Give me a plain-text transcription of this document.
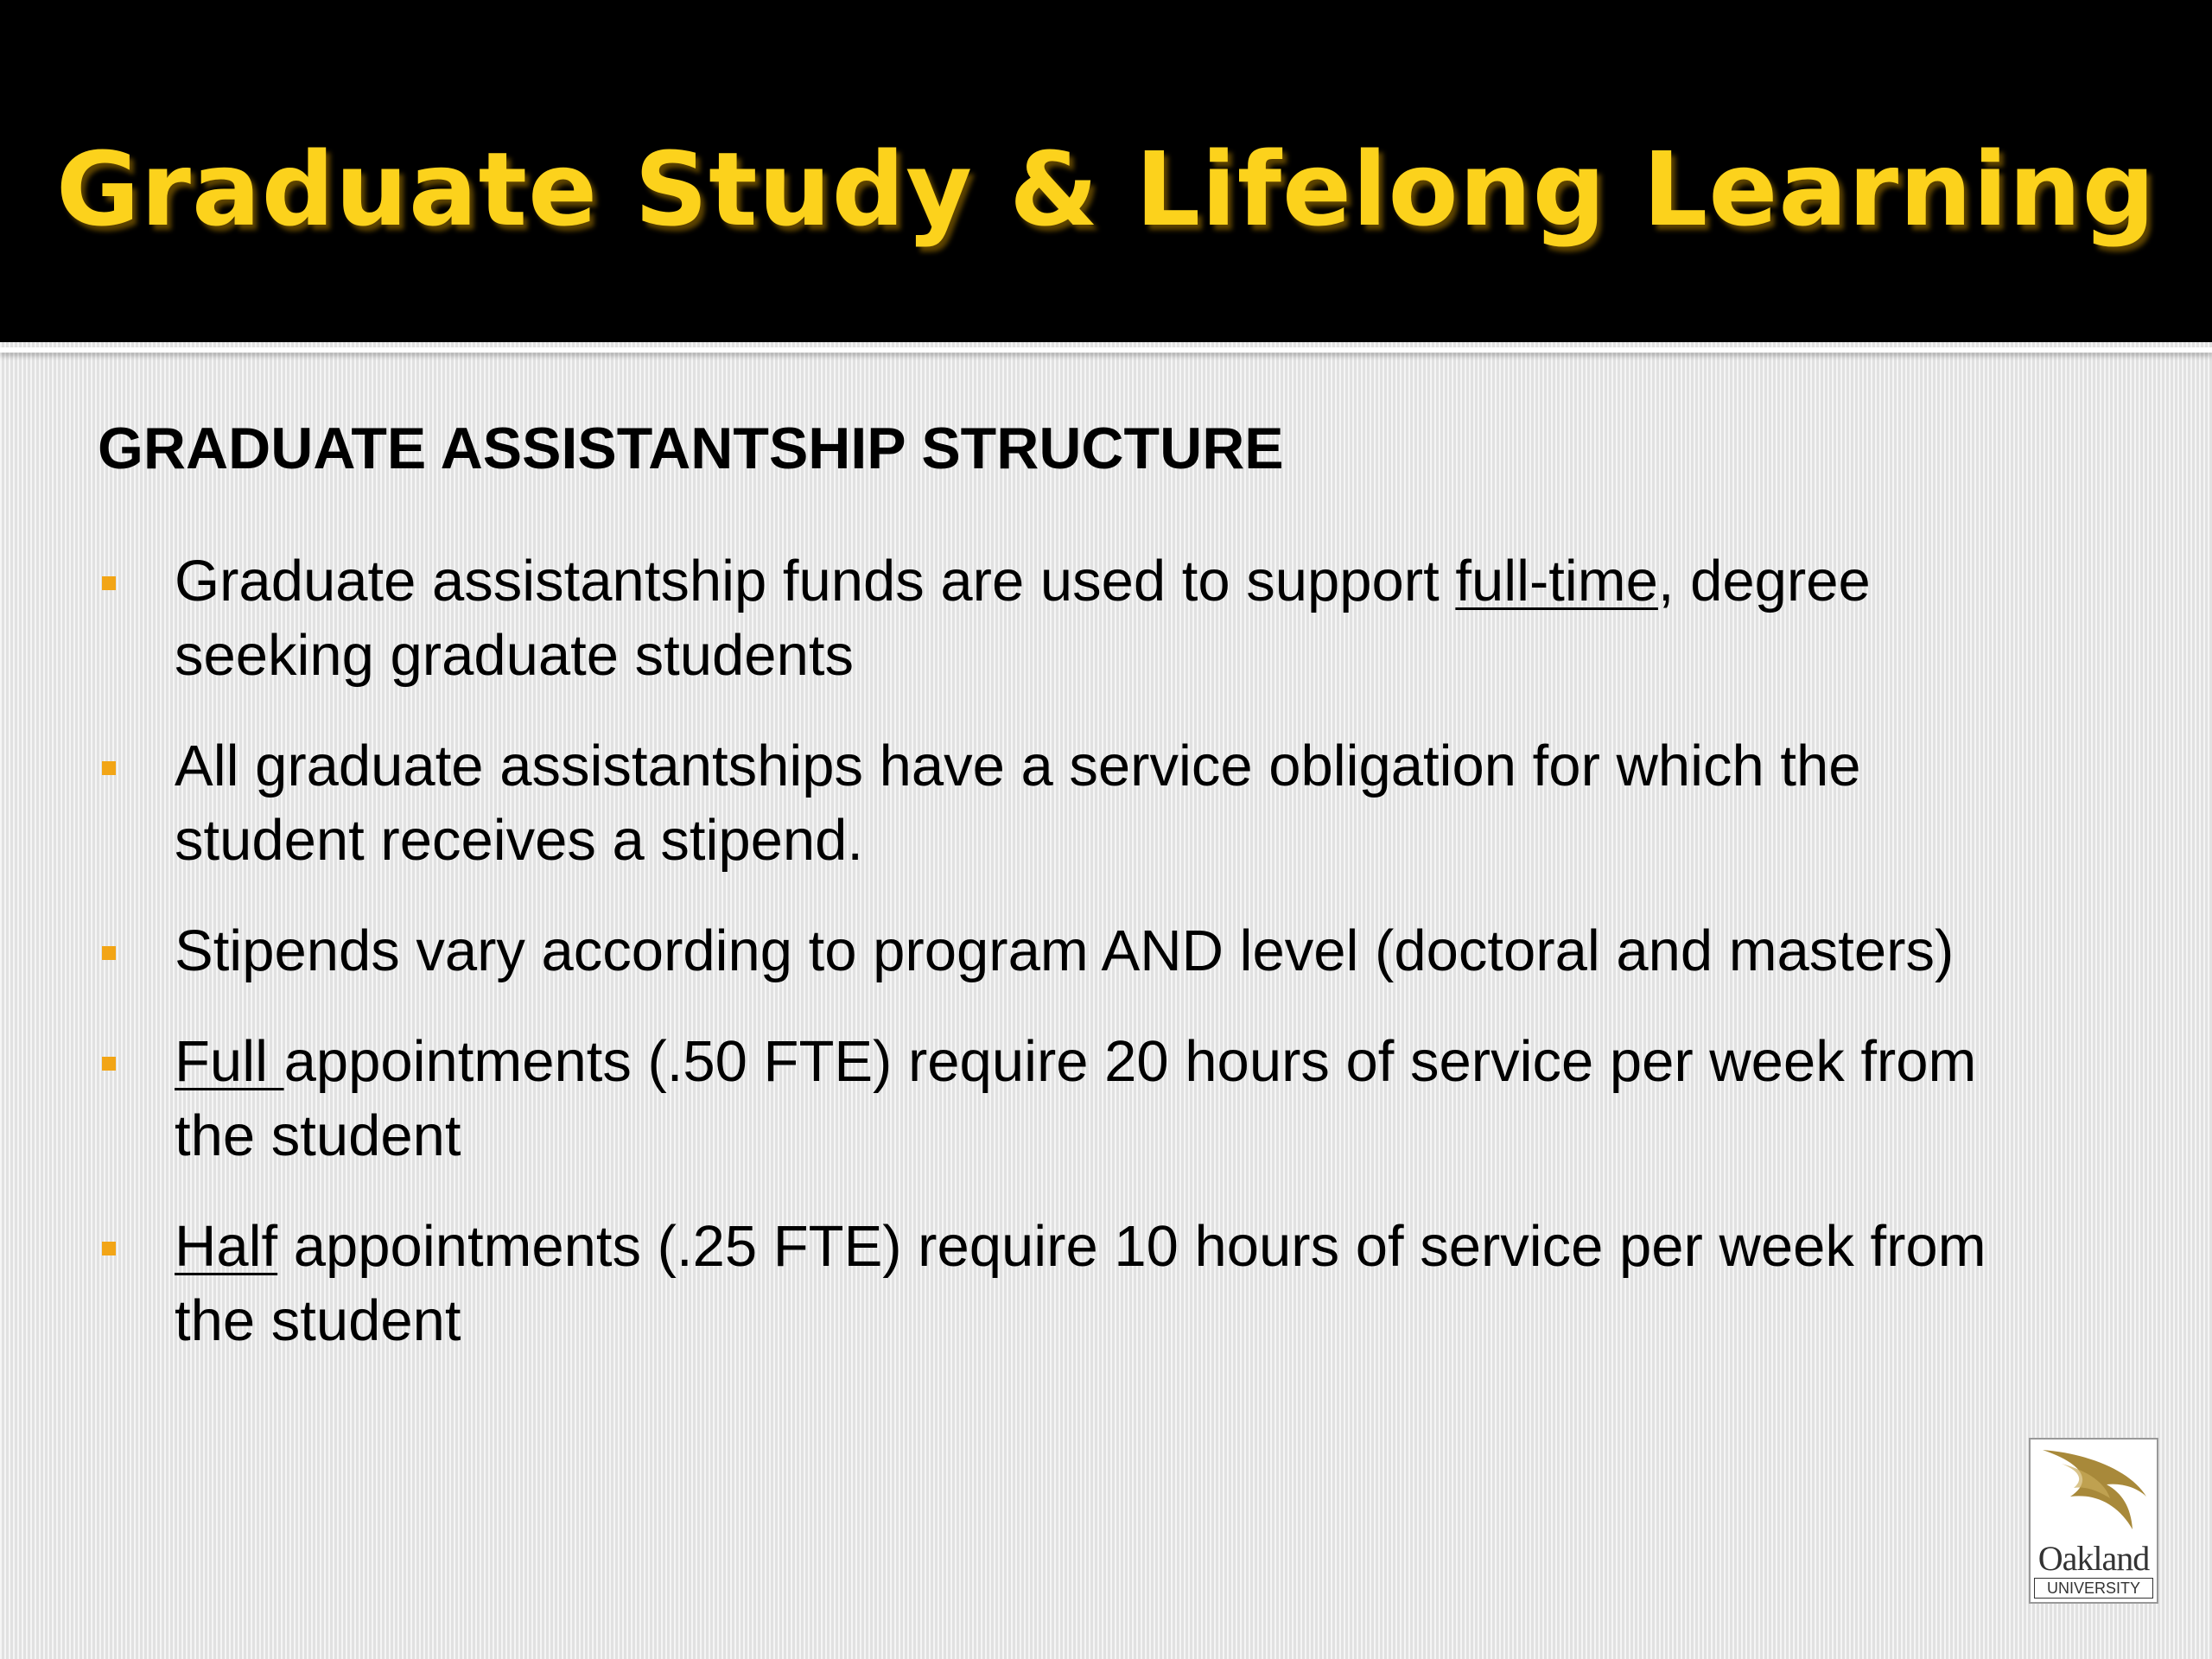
Graduate Study & Lifelong Learning
GRADUATE ASSISTANTSHIP STRUCTURE
Graduate assistantship funds are used to support full-time, degree seeking graduate students
All graduate assistantships have a service obligation for which the student receives a stipend.
Stipends vary according to program AND level (doctoral and masters)
Full appointments (.50 FTE) require 20 hours of service per week from the student
Half appointments (.25 FTE) require 10 hours of service per week from the student
Oakland
UNIVERSITY
